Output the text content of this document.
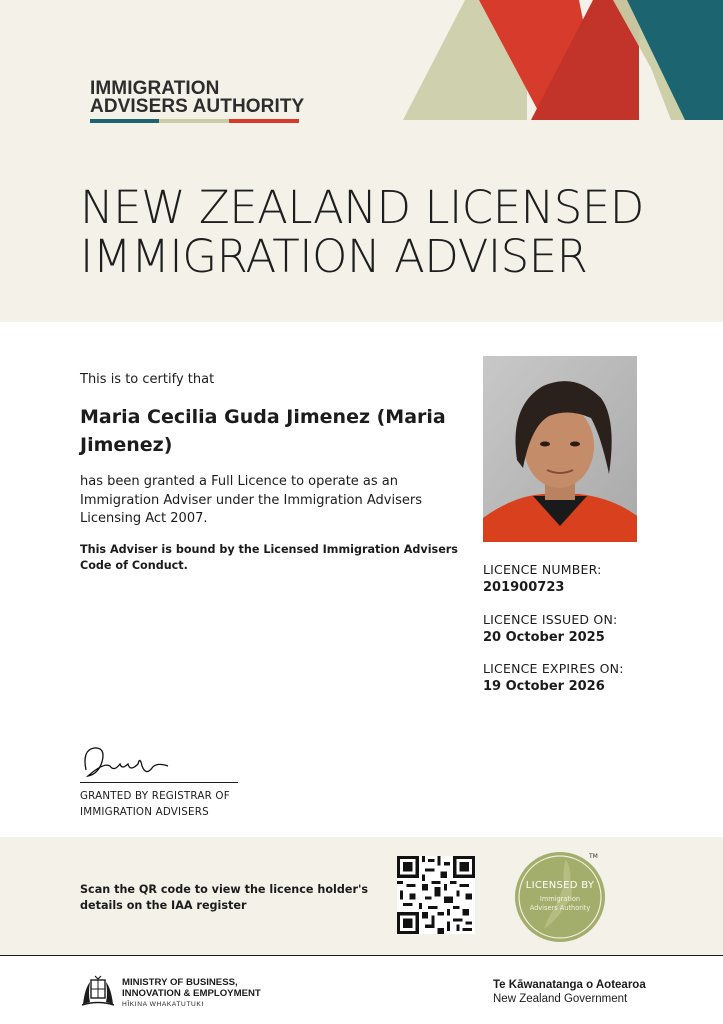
IMMIGRATION
ADVISERS AUTHORITY
NEW ZEALAND LICENSED
IMMIGRATION ADVISER
This is to certify that
Maria Cecilia Guda Jimenez (Maria Jimenez)
has been granted a Full Licence to operate as an Immigration Adviser under the Immigration Advisers Licensing Act 2007.
This Adviser is bound by the Licensed Immigration Advisers Code of Conduct.	LICENCE NUMBER:
201900723
LICENCE ISSUED ON:
20 October 2025
LICENCE EXPIRES ON:
19 October 2026
GRANTED BY REGISTRAR OF
IMMIGRATION ADVISERS
Scan the QR code to view the licence holder's details on the IAA register
LICENSED BY
Immigration
Advisers Authority
TM
MINISTRY OF BUSINESS,
INNOVATION & EMPLOYMENT
HĪKINA WHAKATUTUKI
Te Kāwanatanga o Aotearoa
New Zealand Government
